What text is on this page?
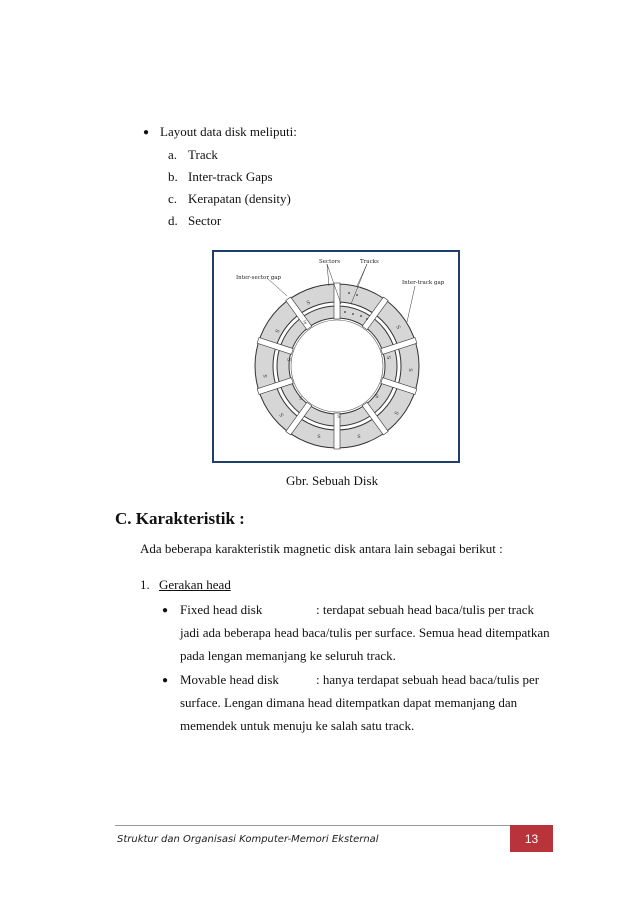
● Layout data disk meliputi:
a. Track
b. Inter-track Gaps
c. Kerapatan (density)
d. Sector
S
S
S
S
S	S
S
S
S
S
S
S
S
S
S
Sectors	Tracks
Inter-sector gap
Inter-track gap
Gbr. Sebuah Disk
C. Karakteristik :
Ada beberapa karakteristik magnetic disk antara lain sebagai berikut :
1. Gerakan head
● Fixed head disk	: terdapat sebuah head baca/tulis per track
jadi ada beberapa head baca/tulis per surface. Semua head ditempatkan
pada lengan memanjang ke seluruh track.
● Movable head disk	: hanya terdapat sebuah head baca/tulis per
surface. Lengan dimana head ditempatkan dapat memanjang dan
memendek untuk menuju ke salah satu track.
Struktur dan Organisasi Komputer-Memori Eksternal	13
